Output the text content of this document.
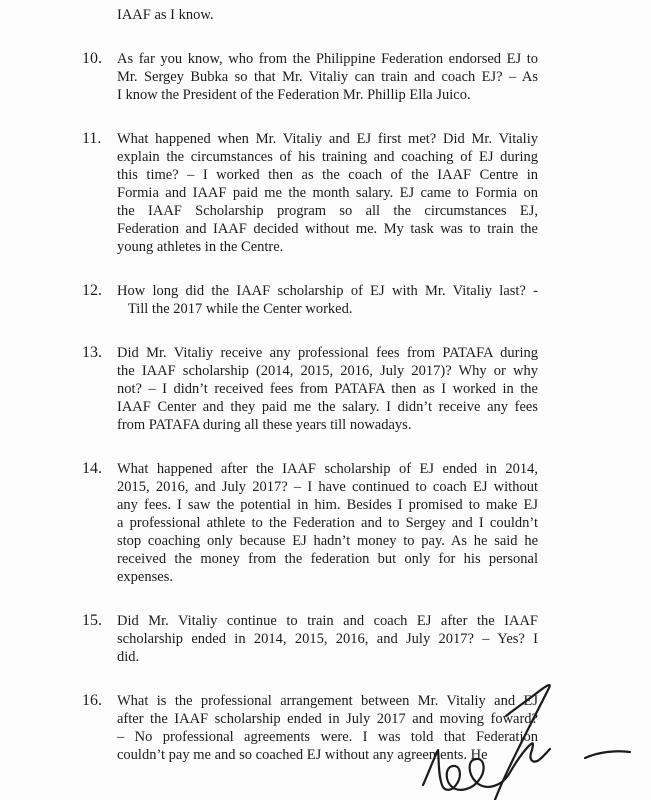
IAAF as I know.
10.	As far you know, who from the Philippine Federation endorsed EJ to
Mr. Sergey Bubka so that Mr. Vitaliy can train and coach EJ? – As
I know the President of the Federation Mr. Phillip Ella Juico.
11.	What happened when Mr. Vitaliy and EJ first met? Did Mr. Vitaliy
explain the circumstances of his training and coaching of EJ during
this time? – I worked then as the coach of the IAAF Centre in
Formia and IAAF paid me the month salary. EJ came to Formia on
the IAAF Scholarship program so all the circumstances EJ,
Federation and IAAF decided without me. My task was to train the
young athletes in the Centre.
12.	How long did the IAAF scholarship of EJ with Mr. Vitaliy last? -
Till the 2017 while the Center worked.
13.	Did Mr. Vitaliy receive any professional fees from PATAFA during
the IAAF scholarship (2014, 2015, 2016, July 2017)? Why or why
not? – I didn’t received fees from PATAFA then as I worked in the
IAAF Center and they paid me the salary. I didn’t receive any fees
from PATAFA during all these years till nowadays.
14.	What happened after the IAAF scholarship of EJ ended in 2014,
2015, 2016, and July 2017? – I have continued to coach EJ without
any fees. I saw the potential in him. Besides I promised to make EJ
a professional athlete to the Federation and to Sergey and I couldn’t
stop coaching only because EJ hadn’t money to pay. As he said he
received the money from the federation but only for his personal
expenses.
15.	Did Mr. Vitaliy continue to train and coach EJ after the IAAF
scholarship ended in 2014, 2015, 2016, and July 2017? – Yes? I
did.
16.	What is the professional arrangement between Mr. Vitaliy and EJ
after the IAAF scholarship ended in July 2017 and moving foward?
– No professional agreements were. I was told that Federation
couldn’t pay me and so coached EJ without any agreements. He
